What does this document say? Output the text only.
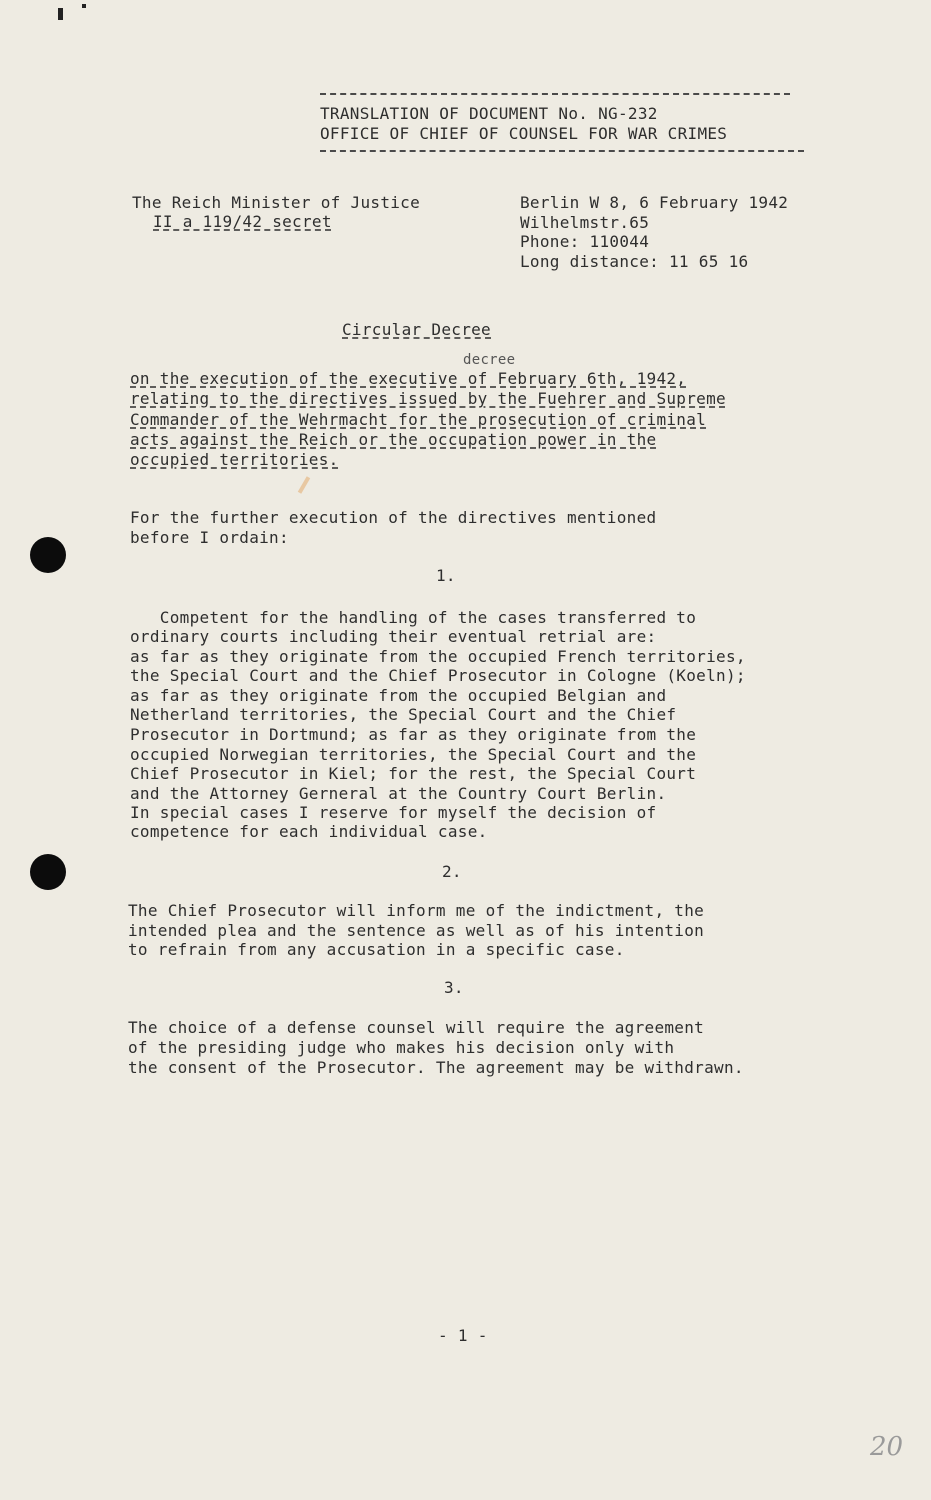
TRANSLATION OF DOCUMENT No. NG-232
OFFICE OF CHIEF OF COUNSEL FOR WAR CRIMES
The Reich Minister of Justice
II a 119/42 secret
Berlin W 8, 6 February 1942
Wilhelmstr.65
Phone: 110044
Long distance: 11 65 16
Circular Decree
decree
on the execution of the executive of February 6th, 1942,
relating to the directives issued by the Fuehrer and Supreme
Commander of the Wehrmacht for the prosecution of criminal
acts against the Reich or the occupation power in the
occupied territories.
For the further execution of the directives mentioned
before I ordain:
1.
Competent for the handling of the cases transferred to
ordinary courts including their eventual retrial are:
as far as they originate from the occupied French territories,
the Special Court and the Chief Prosecutor in Cologne (Koeln);
as far as they originate from the occupied Belgian and
Netherland territories, the Special Court and the Chief
Prosecutor in Dortmund; as far as they originate from the
occupied Norwegian territories, the Special Court and the
Chief Prosecutor in Kiel; for the rest, the Special Court
and the Attorney Gerneral at the Country Court Berlin.
In special cases I reserve for myself the decision of
competence for each individual case.
2.
The Chief Prosecutor will inform me of the indictment, the
intended plea and the sentence as well as of his intention
to refrain from any accusation in a specific case.
3.
The choice of a defense counsel will require the agreement
of the presiding judge who makes his decision only with
the consent of the Prosecutor. The agreement may be withdrawn.
- 1 -
20
